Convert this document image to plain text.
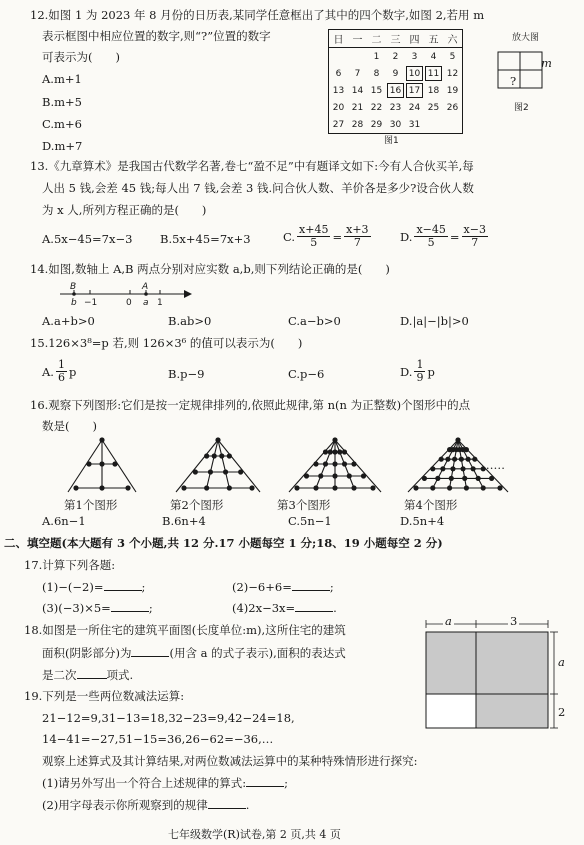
12.如图 1 为 2023 年 8 月份的日历表,某同学任意框出了其中的四个数字,如图 2,若用 m
表示框图中相应位置的数字,则“?”位置的数字
可表示为(　　)
A.m+1
B.m+5
C.m+6
D.m+7
日	一	二	三	四	五	六
		1	2	3	4	5
6	7	8	9	10	11	12
13	14	15	16	17	18	19
20	21	22	23	24	25	26
27	28	29	30	31		
图1
放大图
m
?
图2
13.《九章算术》是我国古代数学名著,卷七“盈不足”中有题译文如下:今有人合伙买羊,每
人出 5 钱,会差 45 钱;每人出 7 钱,会差 3 钱.问合伙人数、羊价各是多少?设合伙人数
为 x 人,所列方程正确的是(　　)
A.5x−45=7x−3 B.5x+45=7x+3	C. $\frac{x+45}{5} = \frac{x+3}{7}$	D. $\frac{x-45}{5} = \frac{x-3}{7}$
14.如图,数轴上 A,B 两点分别对应实数 a,b,则下列结论正确的是(　　)
B	A
b −1	0 a 1
A.a+b>0	B.ab>0	C.a−b>0	D.|a|−|b|>0
15.126×3⁸=p 若,则 126×3⁶ 的值可以表示为(　　)
A. $\frac{1}{6}$ p	B.p−9	C.p−6	D. $\frac{1}{9}$ p
16.观察下列图形:它们是按一定规律排列的,依照此规律,第 n(n 为正整数)个图形中的点
数是(　　)
……
第1个图形	第2个图形	第3个图形	第4个图形
A.6n−1	B.6n+4	C.5n−1	D.5n+4
二、填空题(本大题有 3 个小题,共 12 分.17 小题每空 1 分;18、19 小题每空 2 分)
17.计算下列各题:
(1)−(−2)=	;	(2)−6+6=	;
(3)(−3)×5=	;	(4)2x−3x=	.
18.如图是一所住宅的建筑平面图(长度单位:m),这所住宅的建筑
面积(阴影部分)为	(用含 a 的式子表示),面积的表达式
是二次	项式.
a	3
a
2
19.下列是一些两位数减法运算:
21−12=9,31−13=18,32−23=9,42−24=18,
14−41=−27,51−15=36,26−62=−36,…
观察上述算式及其计算结果,对两位数减法运算中的某种特殊情形进行探究:
(1)请另外写出一个符合上述规律的算式:	;
(2)用字母表示你所观察到的规律	.
七年级数学(R)试卷,第 2 页,共 4 页
